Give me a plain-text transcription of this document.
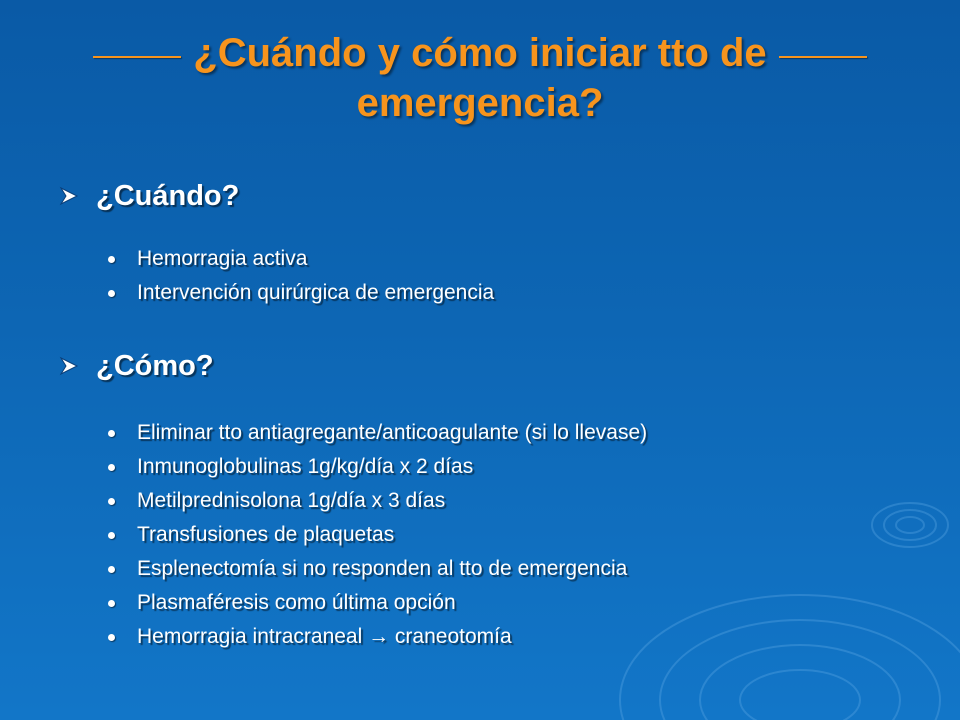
¿Cuándo y cómo iniciar tto de
emergencia?
¿Cuándo?
Hemorragia activa
Intervención quirúrgica de emergencia
¿Cómo?
Eliminar tto antiagregante/anticoagulante (si lo llevase)
Inmunoglobulinas 1g/kg/día x 2 días
Metilprednisolona 1g/día x 3 días
Transfusiones de plaquetas
Esplenectomía si no responden al tto de emergencia
Plasmaféresis como última opción
Hemorragia intracraneal → craneotomía
